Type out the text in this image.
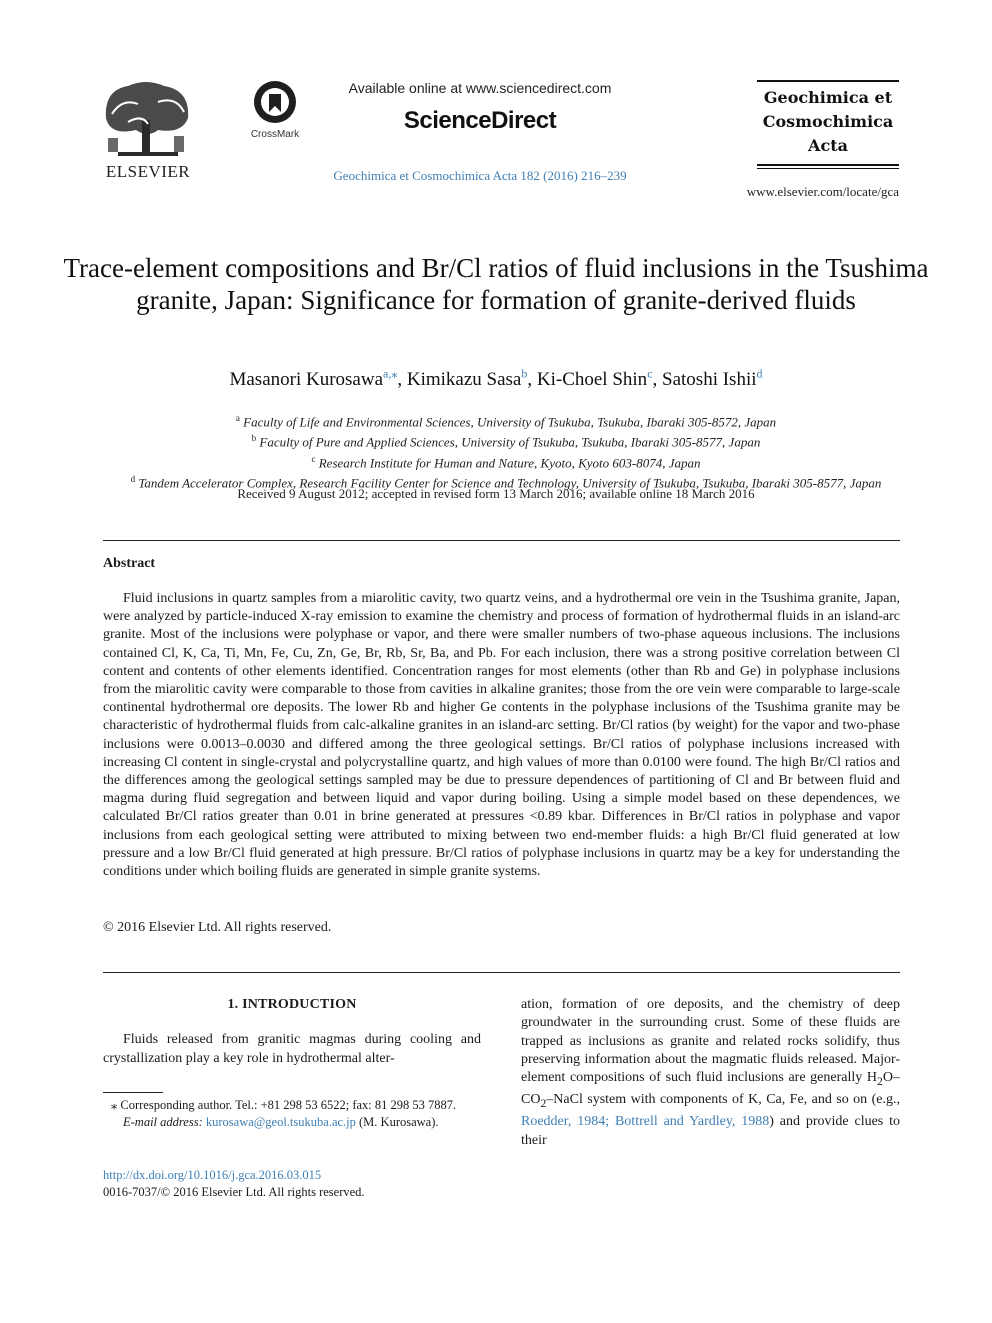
ELSEVIER
CrossMark
Available online at www.sciencedirect.com
ScienceDirect
Geochimica et Cosmochimica Acta 182 (2016) 216–239
Geochimica et
Cosmochimica
Acta
www.elsevier.com/locate/gca
Trace-element compositions and Br/Cl ratios of fluid inclusions in the Tsushima granite, Japan: Significance for formation of granite-derived fluids
Masanori Kurosawa$^{a,⁎}$, Kimikazu Sasa$^b$, Ki-Choel Shin$^c$, Satoshi Ishii$^d$
$^a$ Faculty of Life and Environmental Sciences, University of Tsukuba, Tsukuba, Ibaraki 305-8572, Japan
$^b$ Faculty of Pure and Applied Sciences, University of Tsukuba, Tsukuba, Ibaraki 305-8577, Japan
$^c$ Research Institute for Human and Nature, Kyoto, Kyoto 603-8074, Japan
$^d$ Tandem Accelerator Complex, Research Facility Center for Science and Technology, University of Tsukuba, Tsukuba, Ibaraki 305-8577, Japan
Received 9 August 2012; accepted in revised form 13 March 2016; available online 18 March 2016
Abstract
Fluid inclusions in quartz samples from a miarolitic cavity, two quartz veins, and a hydrothermal ore vein in the Tsushima granite, Japan, were analyzed by particle-induced X-ray emission to examine the chemistry and process of formation of hydrothermal fluids in an island-arc granite. Most of the inclusions were polyphase or vapor, and there were smaller numbers of two-phase aqueous inclusions. The inclusions contained Cl, K, Ca, Ti, Mn, Fe, Cu, Zn, Ge, Br, Rb, Sr, Ba, and Pb. For each inclusion, there was a strong positive correlation between Cl content and contents of other elements identified. Concentration ranges for most elements (other than Rb and Ge) in polyphase inclusions from the miarolitic cavity were comparable to those from cavities in alkaline granites; those from the ore vein were comparable to large-scale continental hydrothermal ore deposits. The lower Rb and higher Ge contents in the polyphase inclusions of the Tsushima granite may be characteristic of hydrothermal fluids from calc-alkaline granites in an island-arc setting. Br/Cl ratios (by weight) for the vapor and two-phase inclusions were 0.0013–0.0030 and differed among the three geological settings. Br/Cl ratios of polyphase inclusions increased with increasing Cl content in single-crystal and polycrystalline quartz, and high values of more than 0.0100 were found. The high Br/Cl ratios and the differences among the geological settings sampled may be due to pressure dependences of partitioning of Cl and Br between fluid and magma during fluid segregation and between liquid and vapor during boiling. Using a simple model based on these dependences, we calculated Br/Cl ratios greater than 0.01 in brine generated at pressures <0.89 kbar. Differences in Br/Cl ratios in polyphase and vapor inclusions from each geological setting were attributed to mixing between two end-member fluids: a high Br/Cl fluid generated at low pressure and a low Br/Cl fluid generated at high pressure. Br/Cl ratios of polyphase inclusions in quartz may be a key for understanding the conditions under which boiling fluids are generated in simple granite systems.
© 2016 Elsevier Ltd. All rights reserved.
1. INTRODUCTION
Fluids released from granitic magmas during cooling and crystallization play a key role in hydrothermal alter-
⁎ Corresponding author. Tel.: +81 298 53 6522; fax: 81 298 53 7887.
E-mail address: kurosawa@geol.tsukuba.ac.jp (M. Kurosawa).
http://dx.doi.org/10.1016/j.gca.2016.03.015
0016-7037/© 2016 Elsevier Ltd. All rights reserved.
ation, formation of ore deposits, and the chemistry of deep groundwater in the surrounding crust. Some of these fluids are trapped as inclusions as granite and related rocks solidify, thus preserving information about the magmatic fluids released. Major-element compositions of such fluid inclusions are generally $H_2O-CO_2$–NaCl system with components of K, Ca, Fe, and so on (e.g., Roedder, 1984; Bottrell and Yardley, 1988) and provide clues to their
